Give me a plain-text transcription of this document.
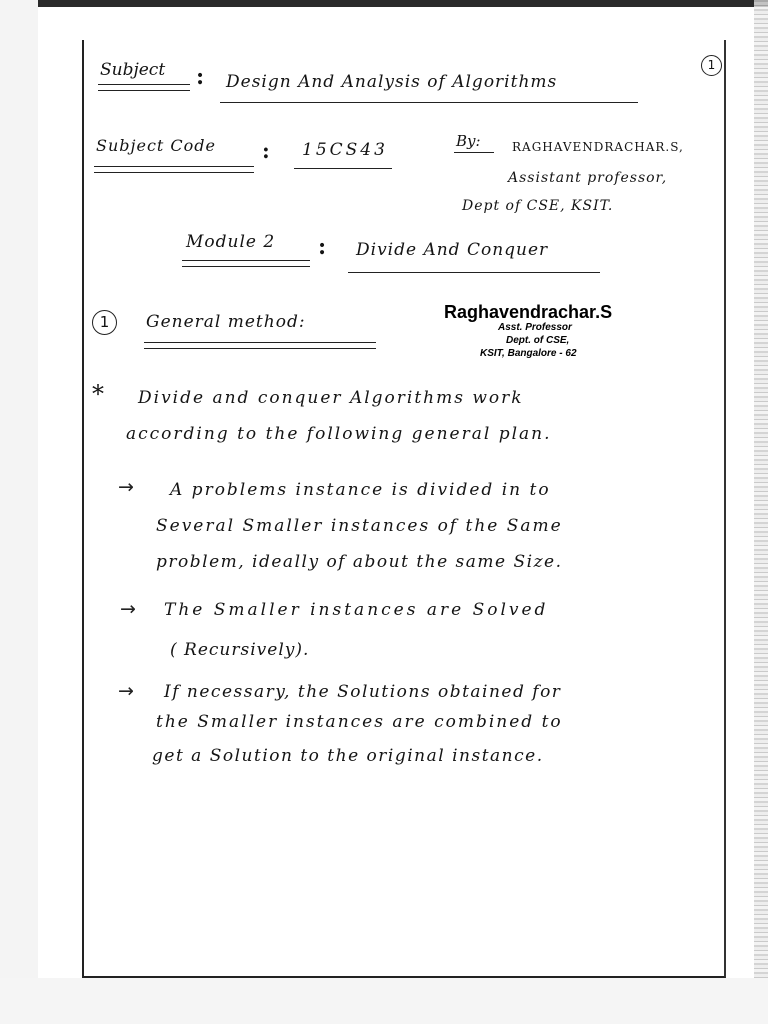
1
Subject : Design And Analysis of Algorithms
Subject Code : 15CS43	By:	RAGHAVENDRACHAR.S,
Assistant professor,
Dept of CSE, KSIT.
Module 2 : Divide And Conquer
1	General method:	Raghavendrachar.S
Asst. Professor
Dept. of CSE,
KSIT, Bangalore - 62
* Divide and conquer Algorithms work
according to the following general plan.
→ A problems instance is divided in to
Several Smaller instances of the Same
problem, ideally of about the same Size.
→ The Smaller instances are Solved
( Recursively).
→ If necessary, the Solutions obtained for
the Smaller instances are combined to
get a Solution to the original instance.
